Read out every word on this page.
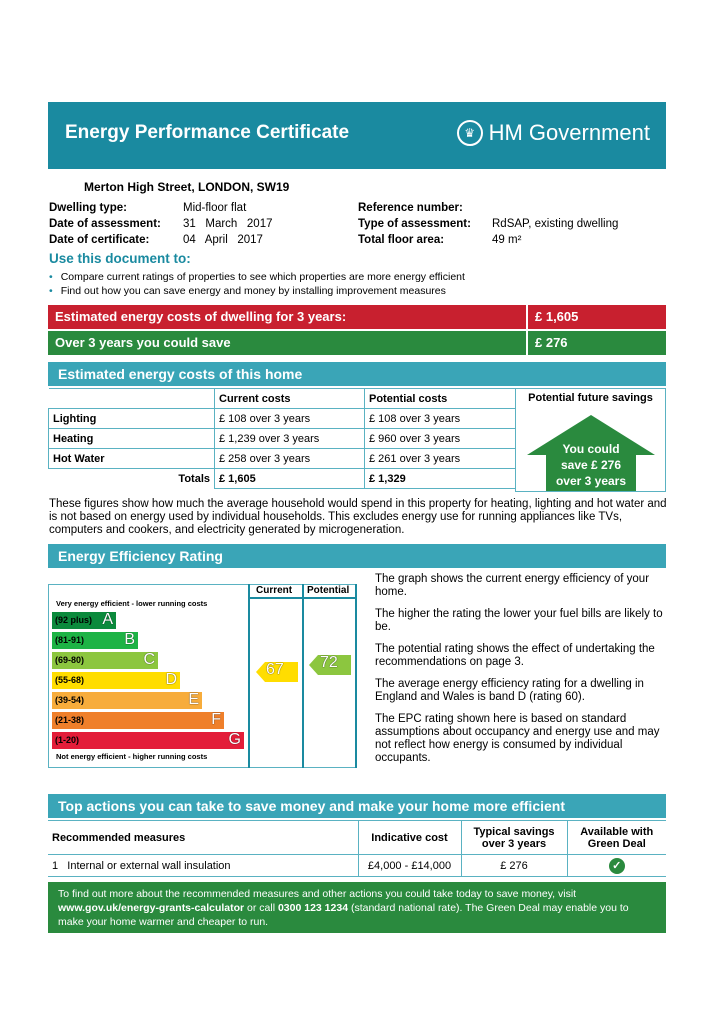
Energy Performance Certificate	♛ HM Government
Merton High Street, LONDON, SW19
Dwelling type:	Mid-floor flat
Date of assessment: 31   March   2017
Date of certificate:	04   April   2017
Reference number:
Type of assessment: RdSAP, existing dwelling
Total floor area:	49 m²
Use this document to:
• Compare current ratings of properties to see which properties are more energy efficient
• Find out how you can save energy and money by installing improvement measures
Estimated energy costs of dwelling for 3 years:	£ 1,605
Over 3 years you could save	£ 276
Estimated energy costs of this home
	Current costs	Potential costs
Lighting	£ 108 over 3 years	£ 108 over 3 years
Heating	£ 1,239 over 3 years	£ 960 over 3 years
Hot Water	£ 258 over 3 years	£ 261 over 3 years
Totals	£ 1,605	£ 1,329
Potential future savings
You could
save £ 276
over 3 years
These figures show how much the average household would spend in this property for heating, lighting and hot water and is not based on energy used by individual households. This excludes energy use for running appliances like TVs, computers and cookers, and electricity generated by microgeneration.
Energy Efficiency Rating
Current Potential
Very energy efficient - lower running costs
Not energy efficient - higher running costs
(92 plus) A
(81-91)	B
(69-80)	C
(55-68)	D
(39-54)	E
(21-38)	F
(1-20)	G
67 72

The graph shows the current energy efficiency of your home.

The higher the rating the lower your fuel bills are likely to be.

The potential rating shows the effect of undertaking the recommendations on page 3.

The average energy efficiency rating for a dwelling in England and Wales is band D (rating 60).

The EPC rating shown here is based on standard assumptions about occupancy and energy use and may not reflect how energy is consumed by individual occupants.

Top actions you can take to save money and make your home more efficient
Recommended measures	Indicative cost	Typical savings over 3 years	Available with Green Deal
1   Internal or external wall insulation	£4,000 - £14,000	£ 276	✓
To find out more about the recommended measures and other actions you could take today to save money, visit
www.gov.uk/energy-grants-calculator or call 0300 123 1234 (standard national rate). The Green Deal may enable you to
make your home warmer and cheaper to run.
